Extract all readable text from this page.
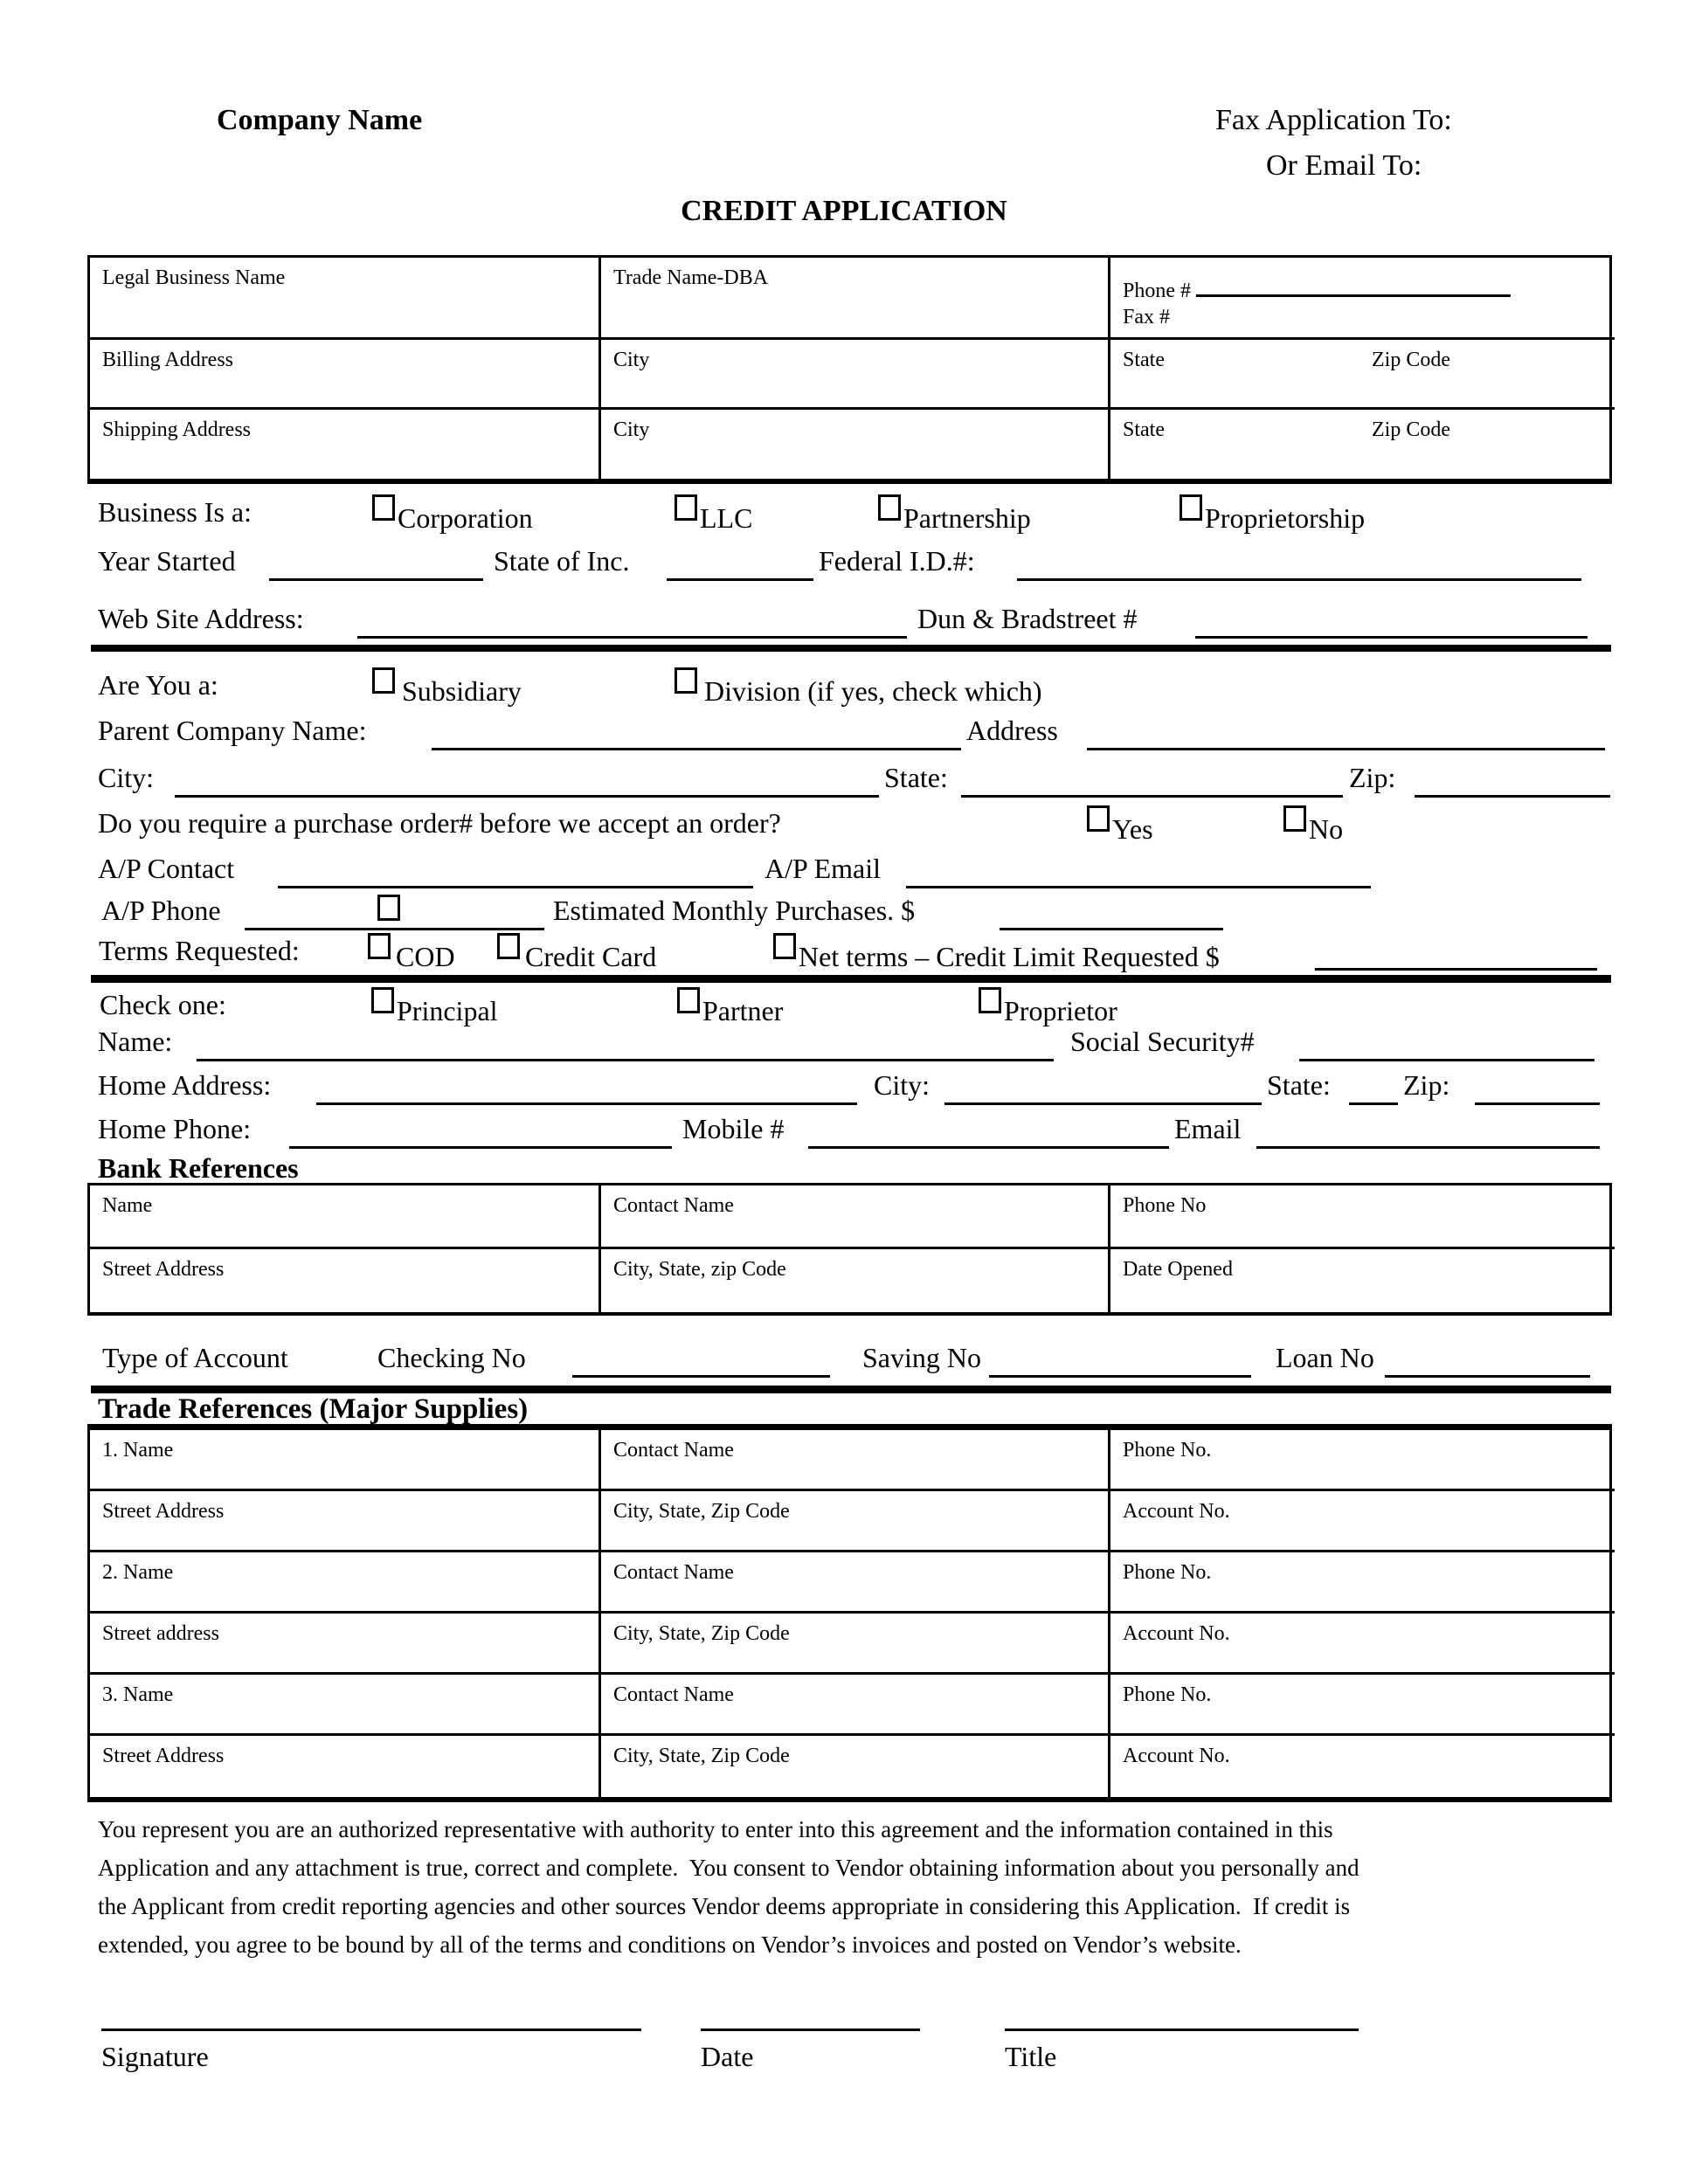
Company Name	Fax Application To:
Or Email To:
CREDIT APPLICATION
Legal Business Name	Trade Name-DBA
Phone #
Fax #
Billing Address	City	State	Zip Code
Shipping Address	City	State	Zip Code
Business Is a:	Corporation	LLC	Partnership	Proprietorship
Year Started	State of Inc.	Federal I.D.#:
Web Site Address:	Dun & Bradstreet #
Are You a:	Subsidiary	Division (if yes, check which)
Parent Company Name:	Address
City:	State:	Zip:
Do you require a purchase order# before we accept an order?	Yes	No
A/P Contact	A/P Email
A/P Phone	Estimated Monthly Purchases. $
Terms Requested:	COD	Credit Card	Net terms – Credit Limit Requested $
Check one:	Principal	Partner	Proprietor
Name:	Social Security#
Home Address:	City:	State:	Zip:
Home Phone:	Mobile #	Email
Bank References
Name	Contact Name	Phone No
Street Address	City, State, zip Code	Date Opened
Type of Account	Checking No	Saving No	Loan No
Trade References (Major Supplies)
1. Name	Contact Name	Phone No.
Street Address	City, State, Zip Code	Account No.
2. Name	Contact Name	Phone No.
Street address	City, State, Zip Code	Account No.
3. Name	Contact Name	Phone No.
Street Address	City, State, Zip Code	Account No.
You represent you are an authorized representative with authority to enter into this agreement and the information contained in this
Application and any attachment is true, correct and complete.  You consent to Vendor obtaining information about you personally and
the Applicant from credit reporting agencies and other sources Vendor deems appropriate in considering this Application.  If credit is
extended, you agree to be bound by all of the terms and conditions on Vendor’s invoices and posted on Vendor’s website.
Signature	Date	Title
